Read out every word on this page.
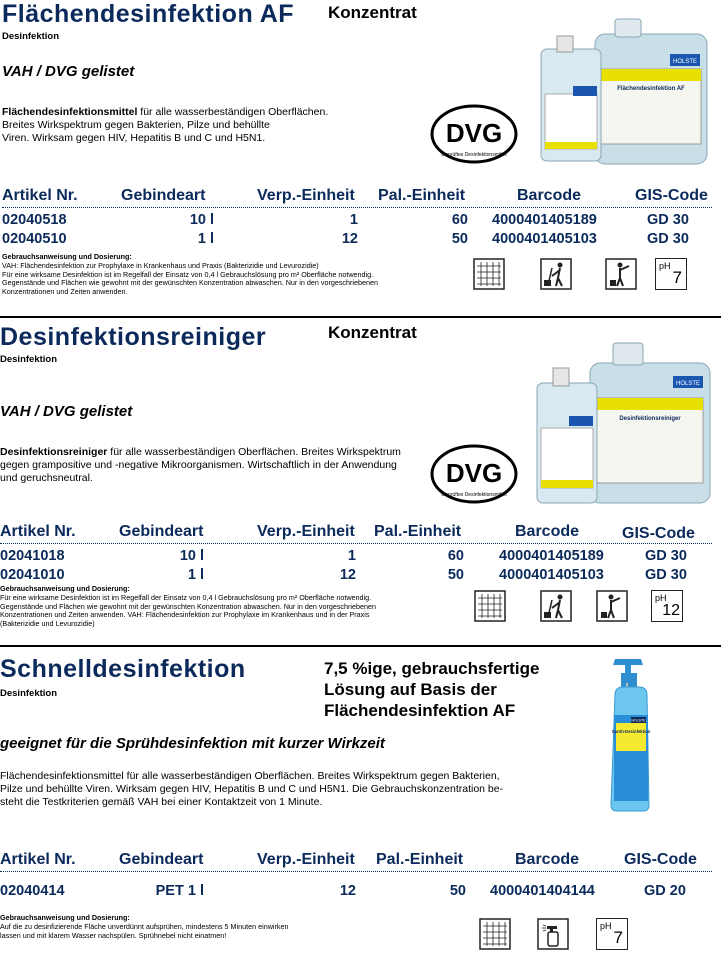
Flächendesinfektion AF Konzentrat
Desinfektion
VAH / DVG gelistet
Flächendesinfektionsmittel für alle wasserbeständigen Oberflächen.
Breites Wirkspektrum gegen Bakterien, Pilze und behüllte
Viren. Wirksam gegen HIV, Hepatitis B und C und H5N1.	DVG
Geprüftes Desinfektionsmittel
Flächendesinfektion AF
HOLSTE
Artikel Nr.	Gebindeart	Verp.-Einheit Pal.-Einheit	Barcode	GIS-Code
02040518	10 l	1	60 4000401405189	GD 30
02040510	1 l	12	50 4000401405103	GD 30
Gebrauchsanweisung und Dosierung:
VAH: Flächendesinfektion zur Prophylaxe in Krankenhaus und Praxis (Bakterizidie und Levurozidie)
Für eine wirksame Desinfektion ist im Regelfall der Einsatz von 0,4 l Gebrauchslösung pro m² Oberfläche notwendig.
Gegenstände und Flächen wie gewohnt mit der gewünschten Konzentration abwaschen. Nur in den vorgeschriebenen
Konzentrationen und Zeiten anwenden.
pH
7
Desinfektionsreiniger	Konzentrat
Desinfektion
VAH / DVG gelistet
Desinfektionsreiniger für alle wasserbeständigen Oberflächen. Breites Wirkspektrum
gegen grampositive und -negative Mikroorganismen. Wirtschaftlich in der Anwendung
und geruchsneutral.	DVG
Geprüftes Desinfektionsmittel
Desinfektionsreiniger
HOLSTE
Artikel Nr.	Gebindeart	Verp.-Einheit Pal.-Einheit	Barcode	GIS-Code
02041018	10 l	1	60 4000401405189	GD 30
02041010	1 l	12	50 4000401405103	GD 30
Gebrauchsanweisung und Dosierung:
Für eine wirksame Desinfektion ist im Regelfall der Einsatz von 0,4 l Gebrauchslösung pro m² Oberfläche notwendig.
Gegenstände und Flächen wie gewohnt mit der gewünschten Konzentration abwaschen. Nur in den vorgeschriebenen
Konzentrationen und Zeiten anwenden. VAH: Flächendesinfektion zur Prophylaxe im Krankenhaus und in der Praxis
(Bakterizidie und Levurozidie)
pH
12
Schnelldesinfektion	7,5 %ige, gebrauchsfertige
Lösung auf Basis der
Flächendesinfektion AF
Desinfektion
geeignet für die Sprühdesinfektion mit kurzer Wirkzeit
Flächendesinfektionsmittel für alle wasserbeständigen Oberflächen. Breites Wirkspektrum gegen Bakterien,
Pilze und behüllte Viren. Wirksam gegen HIV, Hepatitis B und C und H5N1. Die Gebrauchskonzentration be-
steht die Testkriterien gemäß VAH bei einer Kontaktzeit von 1 Minute.
Sprüh-Desinfektion
HOLSTE
Artikel Nr.	Gebindeart	Verp.-Einheit Pal.-Einheit	Barcode	GIS-Code
02040414	PET 1 l	12	50 4000401404144	GD 20
Gebrauchsanweisung und Dosierung:
Auf die zu desinfizierende Fläche unverdünnt aufsprühen, mindestens 5 Minuten einwirken
lassen und mit klarem Wasser nachspülen. Sprühnebel nicht einatmen!
pH
7
